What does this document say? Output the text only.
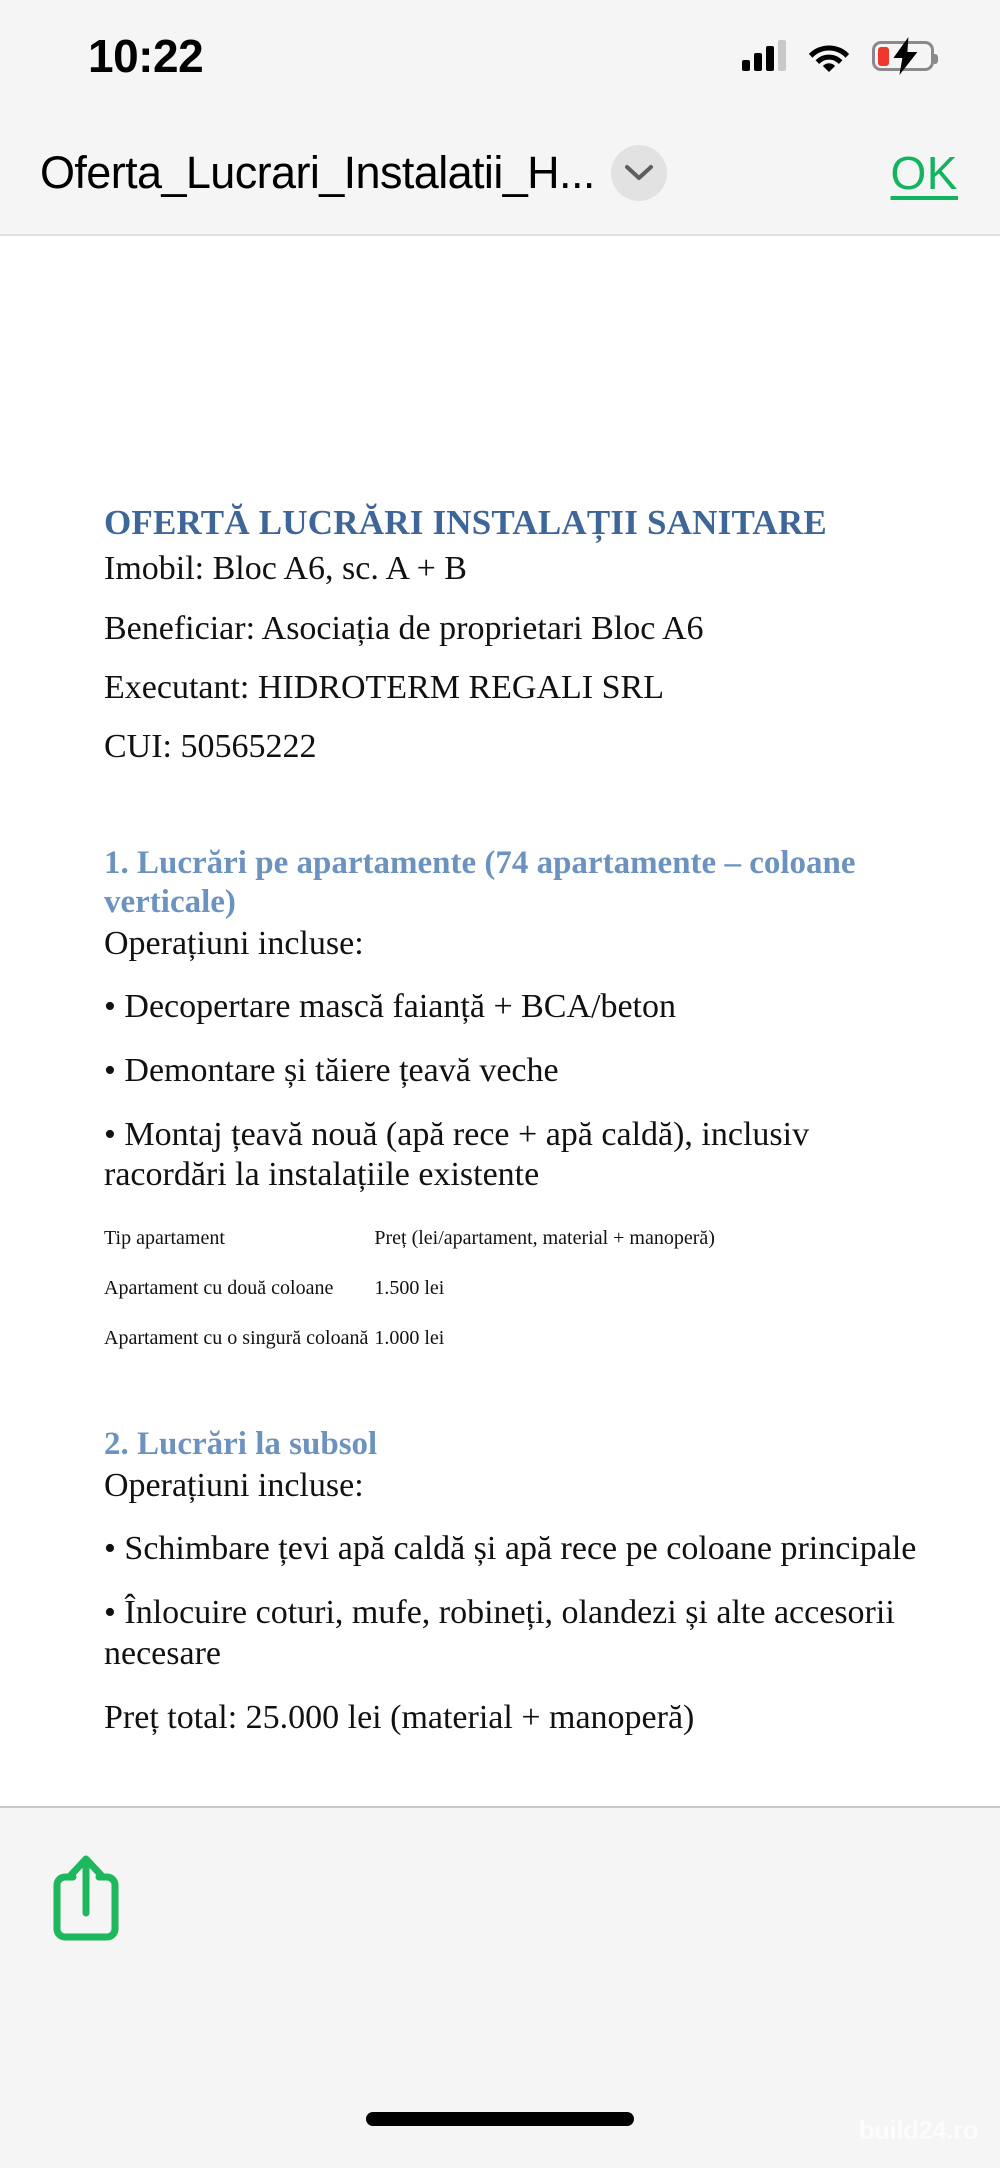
10:22
Oferta_Lucrari_Instalatii_H...	OK
OFERTĂ LUCRĂRI INSTALAȚII SANITARE
Imobil: Bloc A6, sc. A + B
Beneficiar: Asociația de proprietari Bloc A6
Executant: HIDROTERM REGALI SRL
CUI: 50565222
1. Lucrări pe apartamente (74 apartamente – coloane verticale)
Operațiuni incluse:
• Decopertare mască faianță + BCA/beton
• Demontare și tăiere țeavă veche
• Montaj țeavă nouă (apă rece + apă caldă), inclusiv racordări la instalațiile existente
Tip apartament	Preț (lei/apartament, material + manoperă)
Apartament cu două coloane	1.500 lei
Apartament cu o singură coloană	1.000 lei
2. Lucrări la subsol
Operațiuni incluse:
• Schimbare țevi apă caldă și apă rece pe coloane principale
• Înlocuire coturi, mufe, robineți, olandezi și alte accesorii necesare
Preț total: 25.000 lei (material + manoperă)
build24.ro
